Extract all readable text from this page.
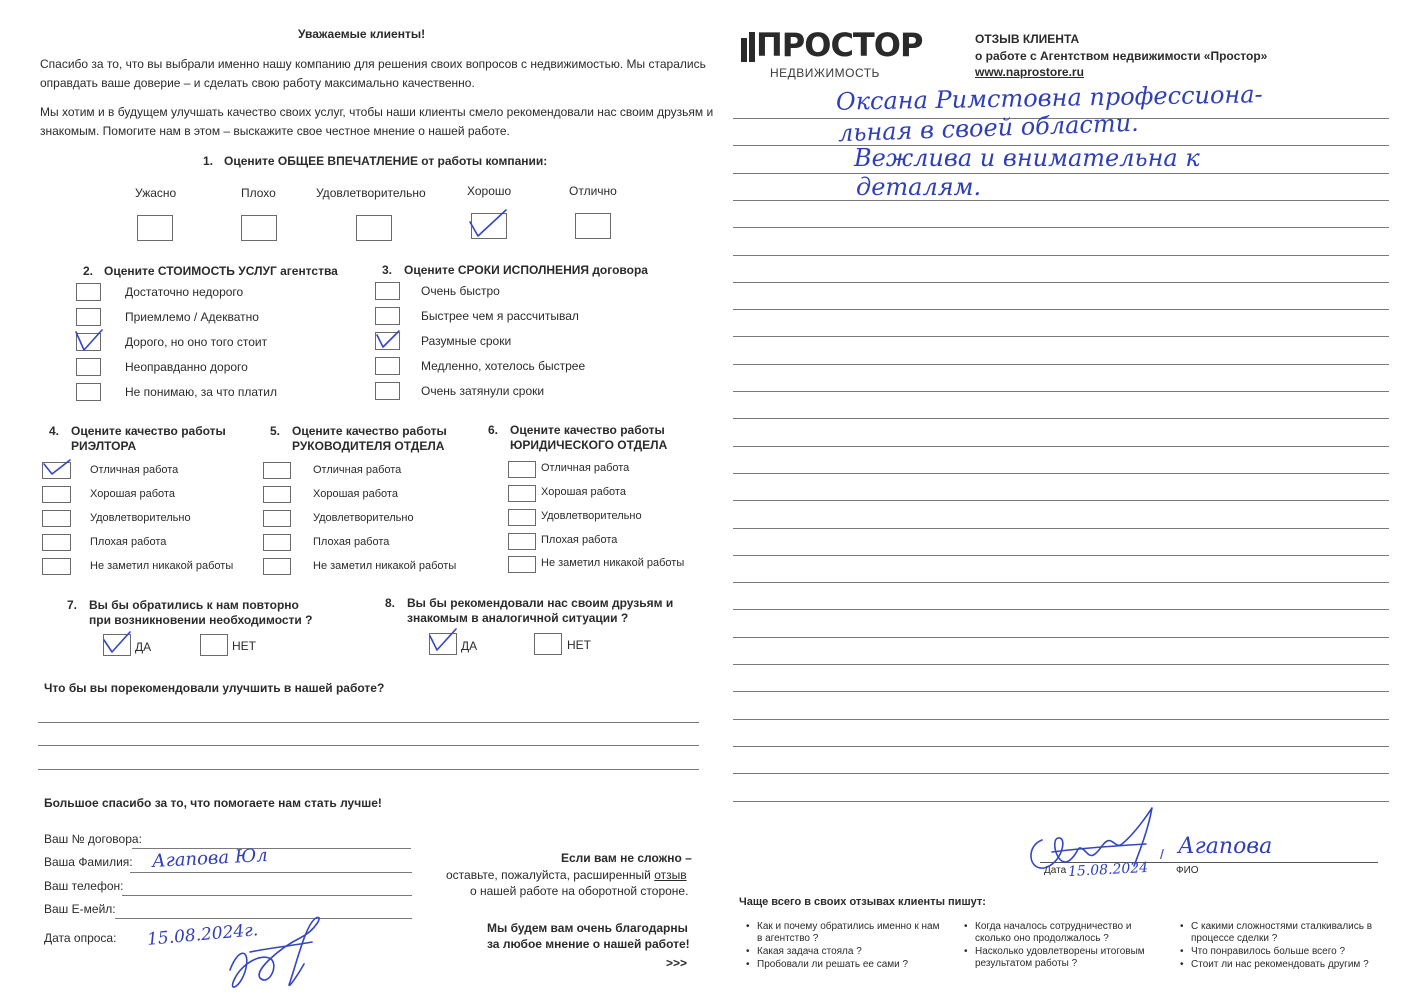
Уважаемые клиенты!
Спасибо за то, что вы выбрали именно нашу компанию для решения своих вопросов с недвижимостью. Мы старались
оправдать ваше доверие – и сделать свою работу максимально качественно.
Мы хотим и в будущем улучшать качество своих услуг, чтобы наши клиенты смело рекомендовали нас своим друзьям и
знакомым. Помогите нам в этом – выскажите свое честное мнение о нашей работе.
1. Оцените ОБЩЕЕ ВПЕЧАТЛЕНИЕ от работы компании:
Ужасно	Плохо	Удовлетворительно	Хорошо	Отлично
2. Оцените СТОИМОСТЬ УСЛУГ агентства
Достаточно недорого
Приемлемо / Адекватно
Дорого, но оно того стоит
Неоправданно дорого
Не понимаю, за что платил
3. Оцените СРОКИ ИСПОЛНЕНИЯ договора
Очень быстро
Быстрее чем я рассчитывал
Разумные сроки
Медленно, хотелось быстрее
Очень затянули сроки
4. Оцените качество работы
РИЭЛТОРА
Отличная работа
Хорошая работа
Удовлетворительно
Плохая работа
Не заметил никакой работы
5. Оцените качество работы
РУКОВОДИТЕЛЯ ОТДЕЛА
Отличная работа
Хорошая работа
Удовлетворительно
Плохая работа
Не заметил никакой работы
6. Оцените качество работы
ЮРИДИЧЕСКОГО ОТДЕЛА
Отличная работа
Хорошая работа
Удовлетворительно
Плохая работа
Не заметил никакой работы
7. Вы бы обратились к нам повторно
при возникновении необходимости ?
ДА	НЕТ
8. Вы бы рекомендовали нас своим друзьям и
знакомым в аналогичной ситуации ?
ДА	НЕТ
Что бы вы порекомендовали улучшить в нашей работе?
Большое спасибо за то, что помогаете нам стать лучше!
Ваш № договора:
Ваша Фамилия: Агапова Юл
Ваш телефон:
Ваш Е-мейл:
Дата опроса: 15.08.2024г.
Если вам не сложно –
оставьте, пожалуйста, расширенный отзыв
о нашей работе на оборотной стороне.
Мы будем вам очень благодарны
за любое мнение о нашей работе!
>>>
ПРОСТОР
НЕДВИЖИМОСТЬ
ОТЗЫВ КЛИЕНТА
о работе с Агентством недвижимости «Простор»
www.naprostore.ru
Оксана Римстовна профессиона-
льная в своей области.
Вежлива и внимательна к
деталям.
Дата	ФИО
15.08.2024
Агапова
/
Чаще всего в своих отзывах клиенты пишут:
• Как и почему обратились именно к нам в агентство ?
• Какая задача стояла ?
• Пробовали ли решать ее сами ?
• Когда началось сотрудничество и сколько оно продолжалось ?
• Насколько удовлетворены итоговым результатом работы ?
• С какими сложностями сталкивались в процессе сделки ?
• Что понравилось больше всего ?
• Стоит ли нас рекомендовать другим ?
